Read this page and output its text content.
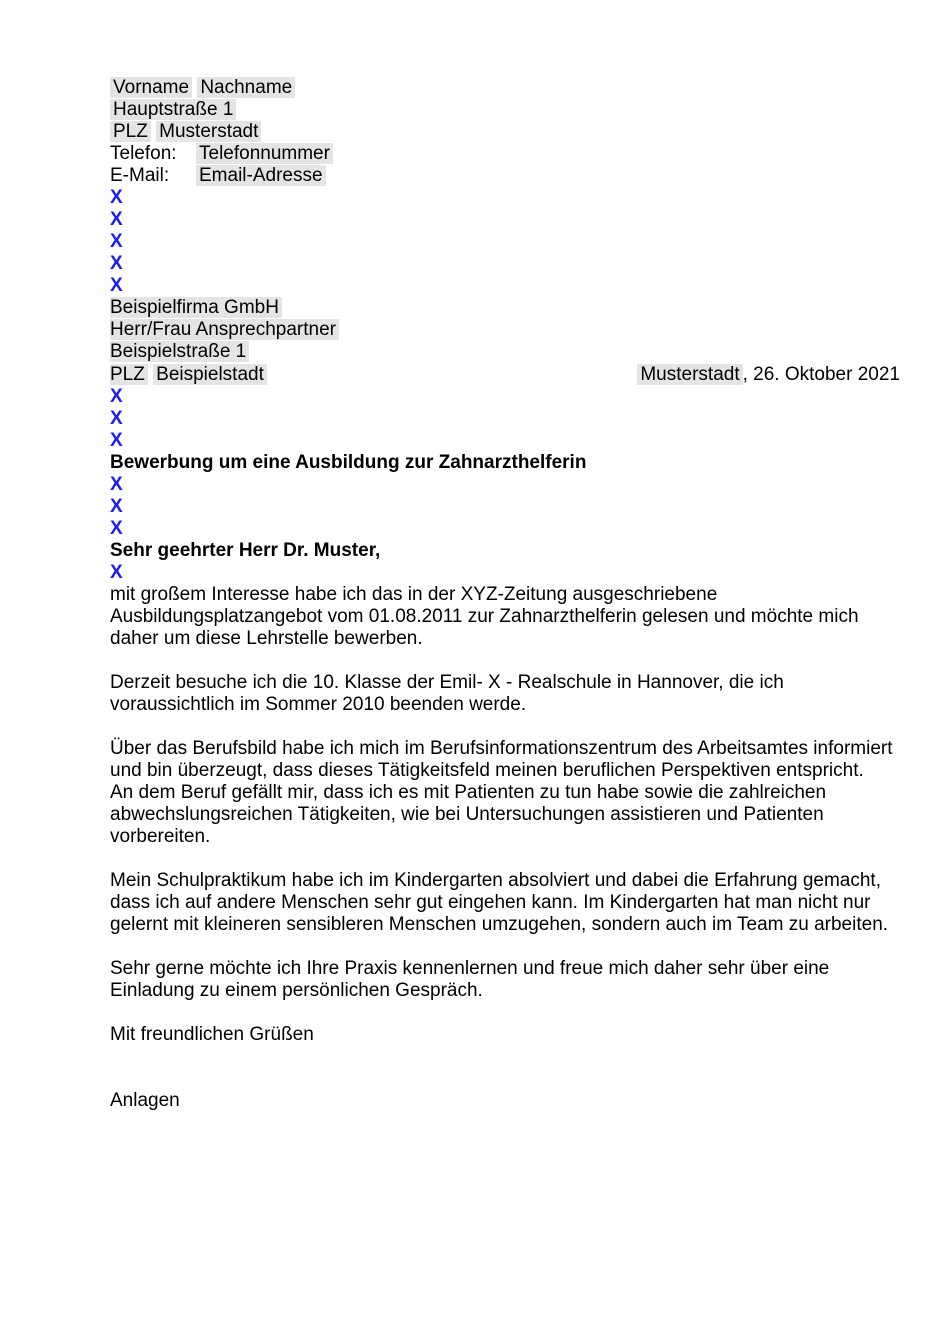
Vorname Nachname
Hauptstraße 1
PLZ Musterstadt
Telefon: Telefonnummer
E-Mail: Email-Adresse
X
X
X
X
X
Beispielfirma GmbH
Herr/Frau Ansprechpartner
Beispielstraße 1
PLZ Beispielstadt	Musterstadt , 26. Oktober 2021
X
X
X
Bewerbung um eine Ausbildung zur Zahnarzthelferin
X
X
X
Sehr geehrter Herr Dr. Muster,
X
mit großem Interesse habe ich das in der XYZ-Zeitung ausgeschriebene
Ausbildungsplatzangebot vom 01.08.2011 zur Zahnarzthelferin gelesen und möchte mich
daher um diese Lehrstelle bewerben.
Derzeit besuche ich die 10. Klasse der Emil- X - Realschule in Hannover, die ich
voraussichtlich im Sommer 2010 beenden werde.
Über das Berufsbild habe ich mich im Berufsinformationszentrum des Arbeitsamtes informiert
und bin überzeugt, dass dieses Tätigkeitsfeld meinen beruflichen Perspektiven entspricht.
An dem Beruf gefällt mir, dass ich es mit Patienten zu tun habe sowie die zahlreichen
abwechslungsreichen Tätigkeiten, wie bei Untersuchungen assistieren und Patienten
vorbereiten.
Mein Schulpraktikum habe ich im Kindergarten absolviert und dabei die Erfahrung gemacht,
dass ich auf andere Menschen sehr gut eingehen kann. Im Kindergarten hat man nicht nur
gelernt mit kleineren sensibleren Menschen umzugehen, sondern auch im Team zu arbeiten.
Sehr gerne möchte ich Ihre Praxis kennenlernen und freue mich daher sehr über eine
Einladung zu einem persönlichen Gespräch.
Mit freundlichen Grüßen
Anlagen
